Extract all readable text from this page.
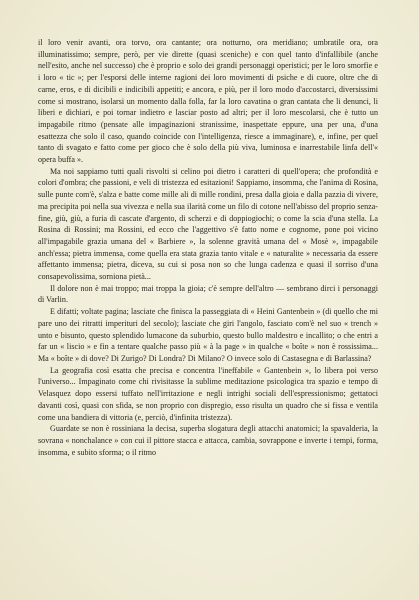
il loro venir avanti, ora torvo, ora cantante; ora notturno, ora meridiano; umbratile ora, ora illuminatissimo; sempre, però, per vie dirette (quasi sceniche) e con quel tanto d'infallibile (anche nell'esito, anche nel successo) che è proprio e solo dei grandi personaggi operistici; per le loro smorfie e i loro « tic »; per l'esporsi delle interne ragioni dei loro movimenti di psiche e di cuore, oltre che di carne, eros, e di dicibili e indicibili appetiti; e ancora, e più, per il loro modo d'accostarci, diversissimi come si mostrano, isolarsi un momento dalla folla, far la loro cavatina o gran cantata che li denunci, li liberi e dichiari, e poi tornar indietro e lasciar posto ad altri; per il loro mescolarsi, che è tutto un impagabile ritmo (pensate alle impaginazioni stranissime, inaspettate eppure, una per una, d'una esattezza che solo il caso, quando coincide con l'intelligenza, riesce a immaginare), e, infine, per quel tanto di svagato e fatto come per gioco che è solo della più viva, luminosa e inarrestabile linfa dell'« opera buffa ».

Ma noi sappiamo tutti quali risvolti si celino poi dietro i caratteri di quell'opera; che profondità e colori d'ombra; che passioni, e veli di tristezza ed esitazioni! Sappiamo, insomma, che l'anima di Rosina, sulle punte com'è, s'alza e batte come mille ali di mille rondini, presa dalla gioia e dalla pazzia di vivere, ma precipita poi nella sua vivezza e nella sua ilarità come un filo di cotone nell'abisso del proprio senza-fine, giù, giù, a furia di cascate d'argento, di scherzi e di doppiogiochi; o come la scia d'una stella. La Rosina di Rossini; ma Rossini, ed ecco che l'aggettivo s'è fatto nome e cognome, pone poi vicino all'impagabile grazia umana del « Barbiere », la solenne gravità umana del « Mosè », impagabile anch'essa; pietra immensa, come quella era stata grazia tanto vitale e « naturalite » necessaria da essere affettanto immensa; pietra, diceva, su cui si posa non so che lunga cadenza e quasi il sorriso d'una consapevolissima, sorniona pietà...

Il dolore non è mai troppo; mai troppa la gioia; c'è sempre dell'altro — sembrano dirci i personaggi di Varlin.

E difatti; voltate pagina; lasciate che finisca la passeggiata di « Heini Gantenbein » (di quello che mi pare uno dei ritratti imperituri del secolo); lasciate che giri l'angolo, fasciato com'è nel suo « trench » unto e bisunto, questo splendido lumacone da suburbio, questo bullo maldestro e incallito; o che entri a far un « liscio » e fin a tentare qualche passo più « à la page » in qualche « boîte » non è rossissima... Ma « boîte » di dove? Di Zurigo? Di Londra? Di Milano? O invece solo di Castasegna e di Barlassina?

La geografia così esatta che precisa e concentra l'ineffabile « Gantenbein », lo libera poi verso l'universo... Impaginato come chi rivisitasse la sublime meditazione psicologica tra spazio e tempo di Velasquez dopo essersi tuffato nell'irritazione e negli intrighi sociali dell'espressionismo; gettatoci davanti così, quasi con sfida, se non proprio con dispregio, esso risulta un quadro che si fissa e ventila come una bandiera di vittoria (e, perciò, d'infinita tristezza).

Guardate se non è rossiniana la decisa, superba slogatura degli attacchi anatomici; la spavalderia, la sovrana « nonchalance » con cui il pittore stacca e attacca, cambia, sovrappone e inverte i tempi, forma, insomma, e subito sforma; o il ritmo
